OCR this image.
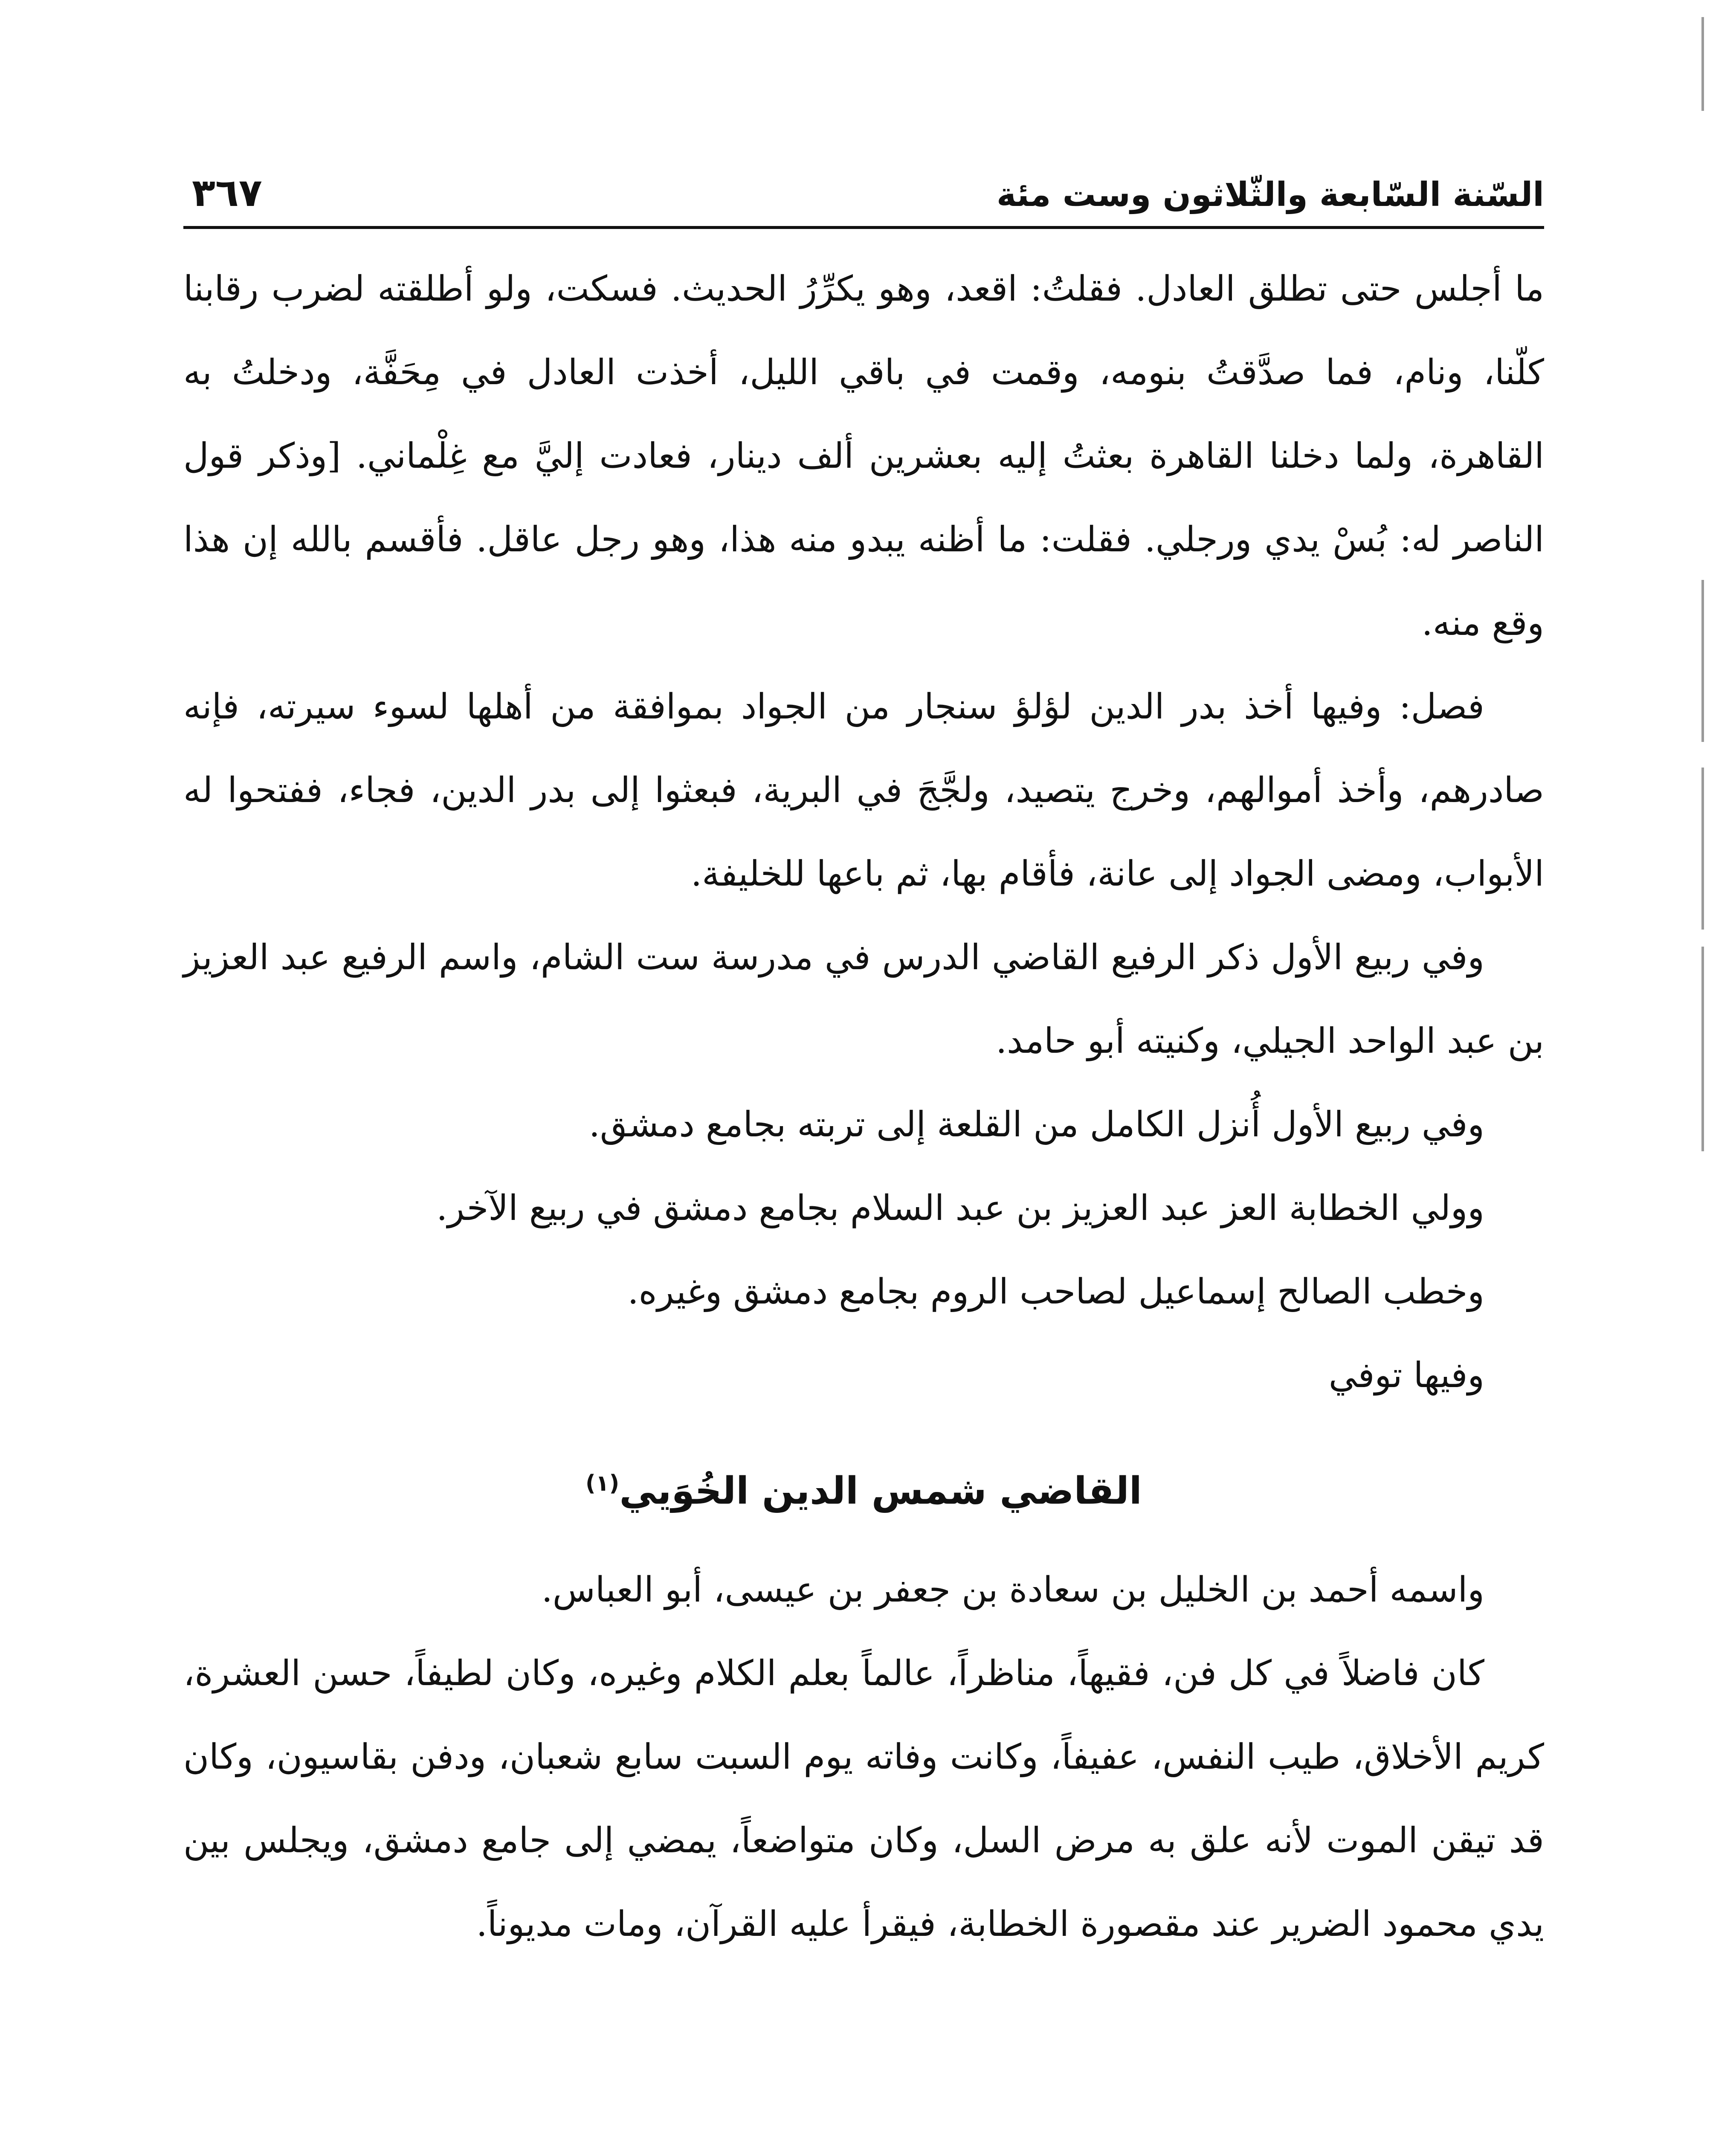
السّنة السّابعة والثّلاثون وست مئة
٣٦٧

ما أجلس حتى تطلق العادل. فقلتُ: اقعد، وهو يكرِّرُ الحديث. فسكت، ولو أطلقته لضرب رقابنا كلّنا، ونام، فما صدَّقتُ بنومه، وقمت في باقي الليل، أخذت العادل في مِحَفَّة، ودخلتُ به القاهرة، ولما دخلنا القاهرة بعثتُ إليه بعشرين ألف دينار، فعادت إليَّ مع غِلْماني. [وذكر قول الناصر له: بُسْ يدي ورجلي. فقلت: ما أظنه يبدو منه هذا، وهو رجل عاقل. فأقسم بالله إن هذا وقع منه.

فصل: وفيها أخذ بدر الدين لؤلؤ سنجار من الجواد بموافقة من أهلها لسوء سيرته، فإنه صادرهم، وأخذ أموالهم، وخرج يتصيد، ولجَّجَ في البرية، فبعثوا إلى بدر الدين، فجاء، ففتحوا له الأبواب، ومضى الجواد إلى عانة، فأقام بها، ثم باعها للخليفة.

وفي ربيع الأول ذكر الرفيع القاضي الدرس في مدرسة ست الشام، واسم الرفيع عبد العزيز بن عبد الواحد الجيلي، وكنيته أبو حامد.

وفي ربيع الأول أُنزل الكامل من القلعة إلى تربته بجامع دمشق.

وولي الخطابة العز عبد العزيز بن عبد السلام بجامع دمشق في ربيع الآخر.

وخطب الصالح إسماعيل لصاحب الروم بجامع دمشق وغيره.

وفيها توفي

القاضي شمس الدين الخُوَيي$^{(١)}$

واسمه أحمد بن الخليل بن سعادة بن جعفر بن عيسى، أبو العباس.

كان فاضلاً في كل فن، فقيهاً، مناظراً، عالماً بعلم الكلام وغيره، وكان لطيفاً، حسن العشرة، كريم الأخلاق، طيب النفس، عفيفاً، وكانت وفاته يوم السبت سابع شعبان، ودفن بقاسيون، وكان قد تيقن الموت لأنه علق به مرض السل، وكان متواضعاً، يمضي إلى جامع دمشق، ويجلس بين يدي محمود الضرير عند مقصورة الخطابة، فيقرأ عليه القرآن، ومات مديوناً.
